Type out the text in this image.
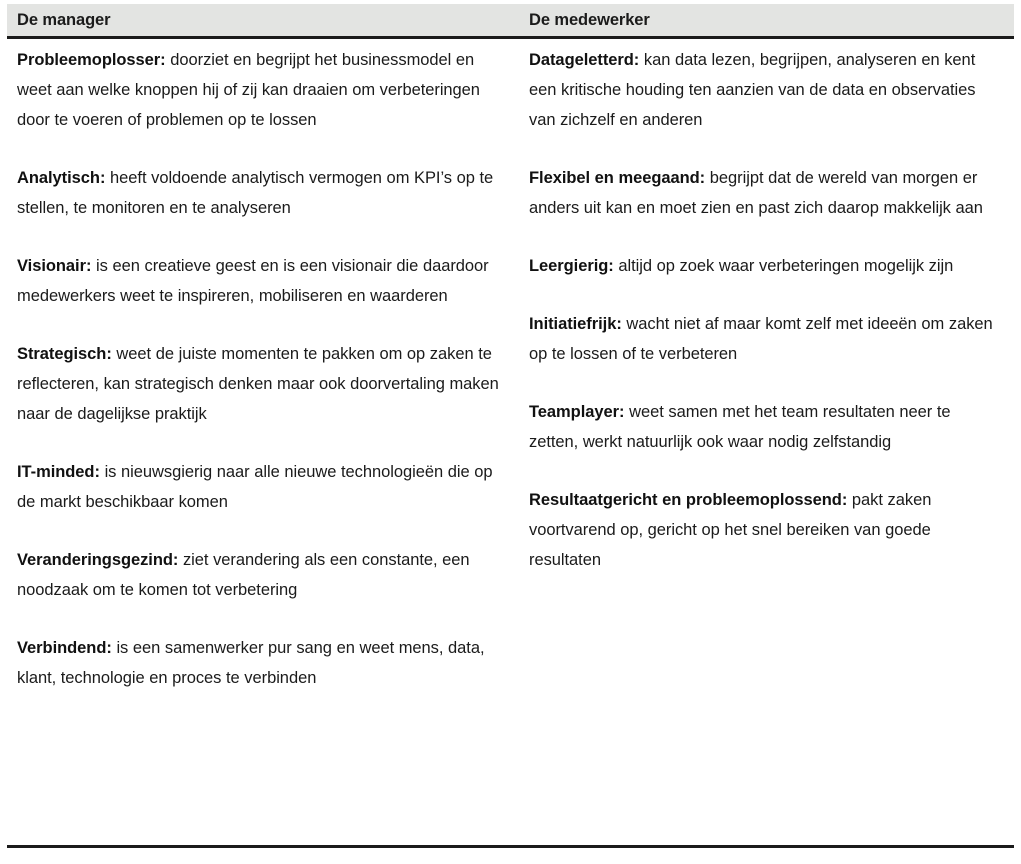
De manager	De medewerker

Probleemoplosser: doorziet en begrijpt het businessmodel en weet aan welke knoppen hij of zij kan draaien om verbeteringen door te voeren of problemen op te lossen

Analytisch: heeft voldoende analytisch vermogen om KPI’s op te stellen, te monitoren en te analyseren

Visionair: is een creatieve geest en is een visionair die daardoor medewerkers weet te inspireren, mobiliseren en waarderen

Strategisch: weet de juiste momenten te pakken om op zaken te reflecteren, kan strategisch denken maar ook doorvertaling maken naar de dagelijkse praktijk

IT-minded: is nieuwsgierig naar alle nieuwe technologieën die op de markt beschikbaar komen

Veranderingsgezind: ziet verandering als een constante, een noodzaak om te komen tot verbetering

Verbindend: is een samenwerker pur sang en weet mens, data, klant, technologie en proces te verbinden

Datageletterd: kan data lezen, begrijpen, analyseren en kent een kritische houding ten aanzien van de data en observaties van zichzelf en anderen

Flexibel en meegaand: begrijpt dat de wereld van morgen er anders uit kan en moet zien en past zich daarop makkelijk aan

Leergierig: altijd op zoek waar verbeteringen mogelijk zijn

Initiatiefrijk: wacht niet af maar komt zelf met ideeën om zaken op te lossen of te verbeteren

Teamplayer: weet samen met het team resultaten neer te zetten, werkt natuurlijk ook waar nodig zelfstandig

Resultaatgericht en probleemoplossend: pakt zaken voortvarend op, gericht op het snel bereiken van goede resultaten
